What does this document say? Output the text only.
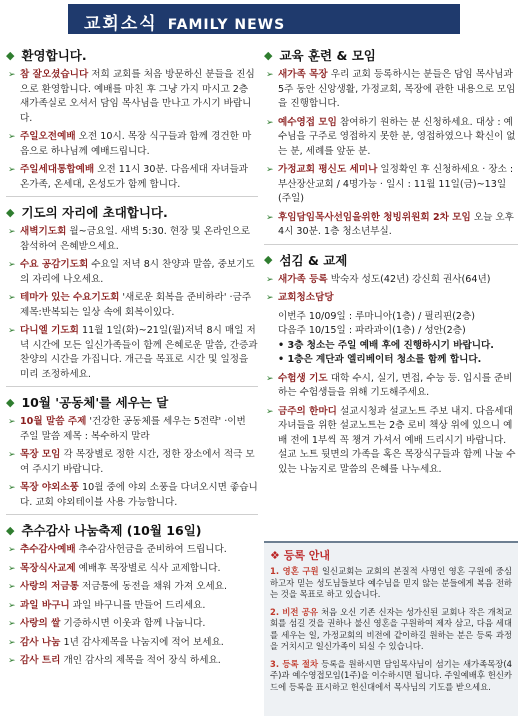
교회소식 FAMILY NEWS
◆ 환영합니다.
➢ 참 잘오셨습니다 저희 교회를 처음 방문하신 분들을 진심으로 환영합니다. 예배를 마친 후 그냥 가지 마시고 2층 새가족실로 오셔서 담임 목사님을 만나고 가시기 바랍니다.
➢ 주일오전예배 오전 10시. 목장 식구들과 함께 경건한 마음으로 하나님께 예배드립니다.
➢ 주일세대통합예배 오전 11시 30분. 다음세대 자녀들과 온가족, 온세대, 온성도가 함께 합니다.
◆ 기도의 자리에 초대합니다.
➢ 새벽기도회 월~금요일. 새벽 5:30. 현장 및 온라인으로 참석하여 은혜받으세요.
➢ 수요 공감기도회 수요일 저녁 8시 찬양과 말씀, 중보기도의 자리에 나오세요.
➢ 테마가 있는 수요기도회 '새로운 회복을 준비하라' ·금주 제목:반복되는 일상 속에 회복이있다.
➢ 다니엘 기도회 11월 1일(화)~21일(월)저녁 8시 매일 저녁 시간에 모든 일신가족들이 함께 은혜로운 말씀, 간증과 찬양의 시간을 가집니다. 개근을 목표로 시간 및 일정을 미리 조정하세요.
◆ 10월 '공동체'를 세우는 달
➢ 10월 말씀 주제 '건강한 공동체를 세우는 5전략' ·이번 주일 말씀 제목 : 복수하지 말라
➢ 목장 모임 각 목장별로 정한 시간, 정한 장소에서 적극 모여 주시기 바랍니다.
➢ 목장 야외소풍 10월 중에 야외 소풍을 다녀오시면 좋습니다. 교회 야외테이블 사용 가능합니다.
◆ 추수감사 나눔축제 (10월 16일)
➢ 추수감사예배 추수감사헌금을 준비하여 드립니다.
➢ 목장식사교제 예배후 목장별로 식사 교제합니다.
➢ 사랑의 저금통 저금통에 동전을 채워 가져 오세요.
➢ 과일 바구니 과일 바구니를 만들어 드리세요.
➢ 사랑의 쌀 기증하시면 이웃과 함께 나눕니다.
➢ 감사 나눔 1년 감사제목을 나눔지에 적어 보세요.
➢ 감사 트리 개인 감사의 제목을 적어 장식 하세요.
◆ 교육 훈련 & 모임
➢ 새가족 목장 우리 교회 등록하시는 분들은 담임 목사님과 5주 동안 신앙생활, 가정교회, 목장에 관한 내용으로 모임을 진행합니다.
➢ 예수영접 모임 참여하기 원하는 분 신청하세요. 대상 : 예수님을 구주로 영접하지 못한 분, 영접하였으나 확신이 없는 분, 세례를 앞둔 분.
➢ 가정교회 평신도 세미나 일정확인 후 신청하세요 · 장소 : 부산장산교회 / 4명가능 · 일시 : 11월 11일(금)~13일(주일)
➢ 후임담임목사선임을위한 청빙위원회 2차 모임 오늘 오후 4시 30분. 1층 청소년부실.
◆ 섬김 & 교제
➢ 새가족 등록 박숙자 성도(42년) 강신희 권사(64년)
➢ 교회청소담당
이번주 10/09일 : 루마니아(1층) / 필리핀(2층)
다음주 10/15일 : 파라과이(1층) / 성안(2층)
• 3층 청소는 주일 예배 후에 진행하시기 바랍니다.
• 1층은 계단과 엘리베이터 청소를 함께 합니다.
➢ 수험생 기도 대학 수시, 실기, 면접, 수능 등. 입시를 준비하는 수험생들을 위해 기도해주세요.
➢ 금주의 한마디 설교시청과 설교노트 주보 내지. 다음세대 자녀들을 위한 설교노트는 2층 로비 책상 위에 있으니 예배 전에 1부씩 꼭 챙겨 가셔서 예배 드리시기 바랍니다. 설교 노트 뒷면의 가족을 혹은 목장식구들과 함께 나눌 수 있는 나눔지로 말씀의 은혜를 나누세요.
❖ 등록 안내
1. 영혼 구원 일신교회는 교회의 본질적 사명인 영혼 구원에 중심하고자 믿는 성도님들보다 예수님을 믿지 않는 분들에게 복음 전하는 것을 목표로 하고 있습니다.
2. 비전 공유 처음 오신 기존 신자는 성가신된 교회나 작은 개척교회를 섬길 것을 권하나 불신 영혼을 구원하여 제자 삼고, 다음 세대를 세우는 일, 가정교회의 비전에 같이하길 원하는 분은 등록 과정을 거치시고 일신가족이 되실 수 있습니다.
3. 등록 절차 등록을 원하시면 담임목사님이 섬기는 새가족목장(4주)과 예수영접모임(1주)을 이수하시면 됩니다. 주일예배후 헌신카드에 등록을 표시하고 헌신대에서 목사님의 기도를 받으세요.
